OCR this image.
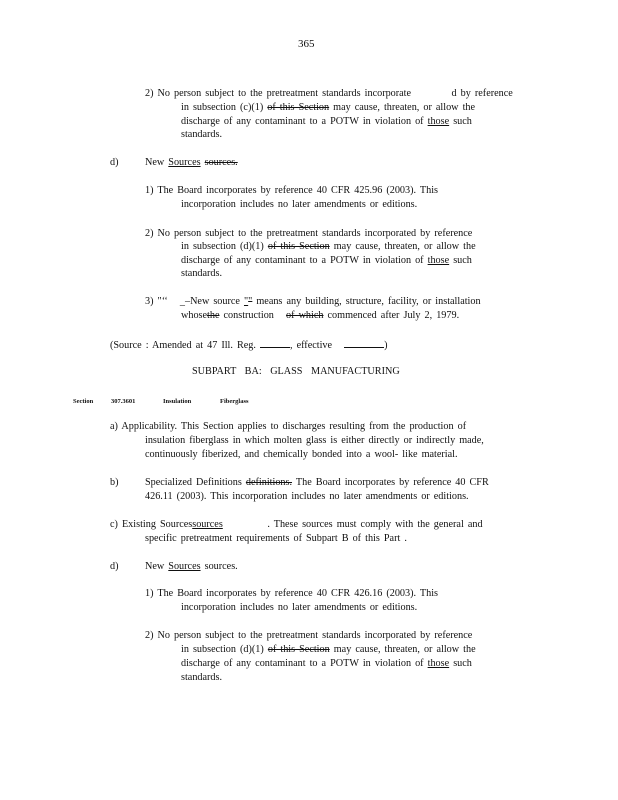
365
2) No person subject to the pretreatment standards incorporate	d by reference
in subsection (c)(1) of this Section may cause, threaten, or allow the
discharge of any contaminant to a POTW in violation of those such
standards.
d)	New Sources sources.
1) The Board incorporates by reference 40 CFR 425.96 (2003). This
incorporation includes no later amendments or editions.
2) No person subject to the pretreatment standards incorporated by reference
in subsection (d)(1) of this Section may cause, threaten, or allow the
discharge of any contaminant to a POTW in violation of those such
standards.
3) "‘‘ _–New source "" means any building, structure, facility, or installation
whosethe construction of which commenced after July 2, 1979.
(Source : Amended at 47 Ill. Reg.	, effective	)
SUBPART BA: GLASS MANUFACTURING
Section	307.3601	Insulation	Fiberglass
a) Applicability. This Section applies to discharges resulting from the production of
insulation fiberglass in which molten glass is either directly or indirectly made,
continuously fiberized, and chemically bonded into a wool- like material.
b)	Specialized Definitions definitions. The Board incorporates by reference 40 CFR
426.11 (2003). This incorporation includes no later amendments or editions.
c) Existing Sourcessources	. These sources must comply with the general and
specific pretreatment requirements of Subpart B of this Part .
d)	New Sources sources.
1) The Board incorporates by reference 40 CFR 426.16 (2003). This
incorporation includes no later amendments or editions.
2) No person subject to the pretreatment standards incorporated by reference
in subsection (d)(1) of this Section may cause, threaten, or allow the
discharge of any contaminant to a POTW in violation of those such
standards.
